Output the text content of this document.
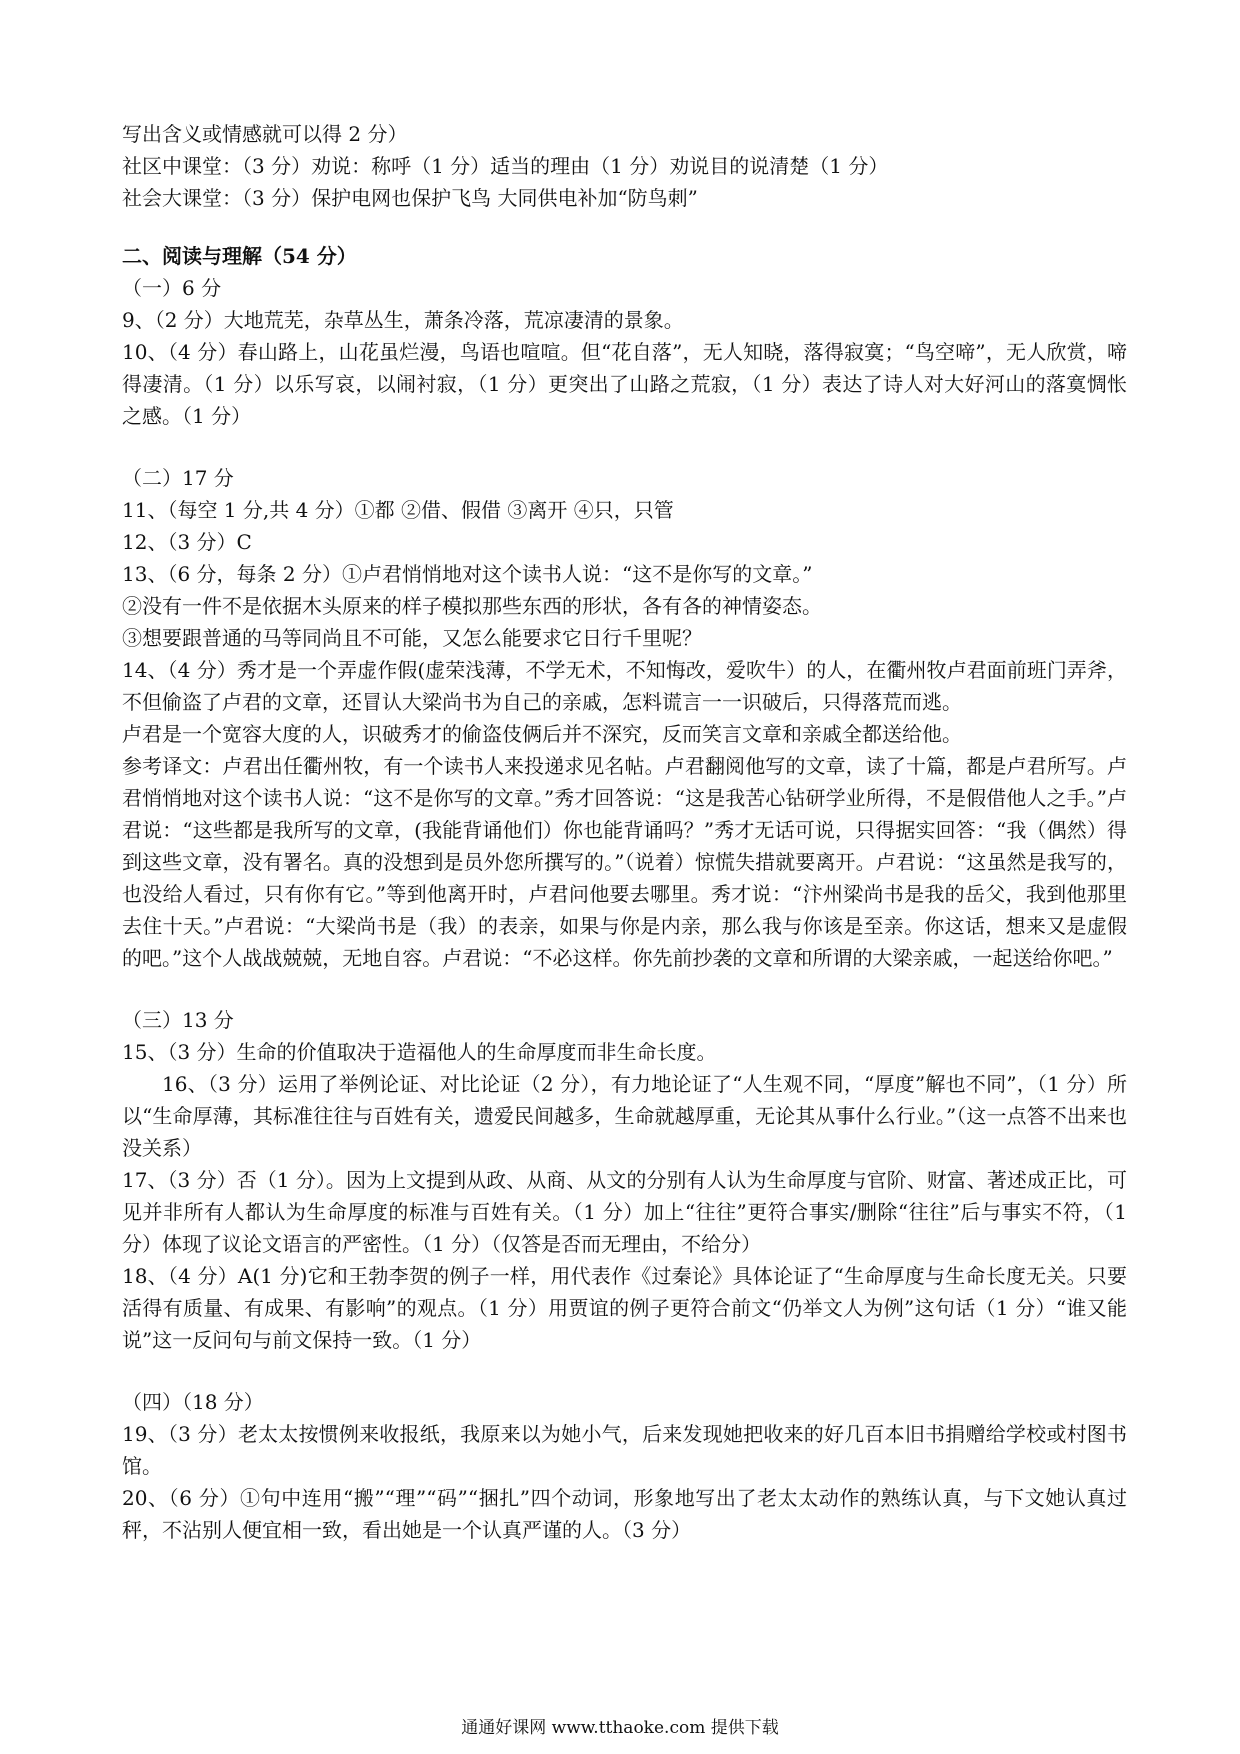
写出含义或情感就可以得 2 分）
社区中课堂：（3 分）劝说：称呼（1 分）适当的理由（1 分）劝说目的说清楚（1 分）
社会大课堂：（3 分）保护电网也保护飞鸟 大同供电补加“防鸟刺”
二、阅读与理解（54 分）
（一）6 分
9、（2 分）大地荒芜，杂草丛生，萧条冷落，荒凉凄清的景象。
10、（4 分）春山路上，山花虽烂漫，鸟语也喧喧。但“花自落”，无人知晓，落得寂寞；“鸟空啼”，无人欣赏，啼得凄清。（1 分）以乐写哀，以闹衬寂，（1 分）更突出了山路之荒寂，（1 分）表达了诗人对大好河山的落寞惆怅之感。（1 分）
（二）17 分
11、（每空 1 分,共 4 分）①都 ②借、假借 ③离开 ④只，只管
12、（3 分）C
13、（6 分，每条 2 分）①卢君悄悄地对这个读书人说：“这不是你写的文章。”
②没有一件不是依据木头原来的样子模拟那些东西的形状，各有各的神情姿态。
③想要跟普通的马等同尚且不可能，又怎么能要求它日行千里呢？
14、（4 分）秀才是一个弄虚作假(虚荣浅薄，不学无术，不知悔改，爱吹牛）的人，在衢州牧卢君面前班门弄斧，不但偷盗了卢君的文章，还冒认大梁尚书为自己的亲戚，怎料谎言一一识破后，只得落荒而逃。
卢君是一个宽容大度的人，识破秀才的偷盗伎俩后并不深究，反而笑言文章和亲戚全都送给他。
参考译文：卢君出任衢州牧，有一个读书人来投递求见名帖。卢君翻阅他写的文章，读了十篇，都是卢君所写。卢君悄悄地对这个读书人说：“这不是你写的文章。”秀才回答说：“这是我苦心钻研学业所得，不是假借他人之手。”卢君说：“这些都是我所写的文章，(我能背诵他们）你也能背诵吗？”秀才无话可说，只得据实回答：“我（偶然）得到这些文章，没有署名。真的没想到是员外您所撰写的。”（说着）惊慌失措就要离开。卢君说：“这虽然是我写的，也没给人看过，只有你有它。”等到他离开时，卢君问他要去哪里。秀才说：“汴州梁尚书是我的岳父，我到他那里去住十天。”卢君说：“大梁尚书是（我）的表亲，如果与你是内亲，那么我与你该是至亲。你这话，想来又是虚假的吧。”这个人战战兢兢，无地自容。卢君说：“不必这样。你先前抄袭的文章和所谓的大梁亲戚，一起送给你吧。”
（三）13 分
15、（3 分）生命的价值取决于造福他人的生命厚度而非生命长度。
16、（3 分）运用了举例论证、对比论证（2 分），有力地论证了“人生观不同，“厚度”解也不同”，（1 分）所以“生命厚薄，其标准往往与百姓有关，遗爱民间越多，生命就越厚重，无论其从事什么行业。”（这一点答不出来也没关系）
17、（3 分）否（1 分）。因为上文提到从政、从商、从文的分别有人认为生命厚度与官阶、财富、著述成正比，可见并非所有人都认为生命厚度的标准与百姓有关。（1 分）加上“往往”更符合事实/删除“往往”后与事实不符，（1 分）体现了议论文语言的严密性。（1 分）（仅答是否而无理由，不给分）
18、（4 分）A(1 分)它和王勃李贺的例子一样，用代表作《过秦论》具体论证了“生命厚度与生命长度无关。只要活得有质量、有成果、有影响”的观点。（1 分）用贾谊的例子更符合前文“仍举文人为例”这句话（1 分）“谁又能说”这一反问句与前文保持一致。（1 分）
（四）（18 分）
19、（3 分）老太太按惯例来收报纸，我原来以为她小气，后来发现她把收来的好几百本旧书捐赠给学校或村图书馆。
20、（6 分）①句中连用“搬”“理”“码”“捆扎”四个动词，形象地写出了老太太动作的熟练认真，与下文她认真过秤，不沾别人便宜相一致，看出她是一个认真严谨的人。（3 分）
通通好课网 www.tthaoke.com 提供下载
